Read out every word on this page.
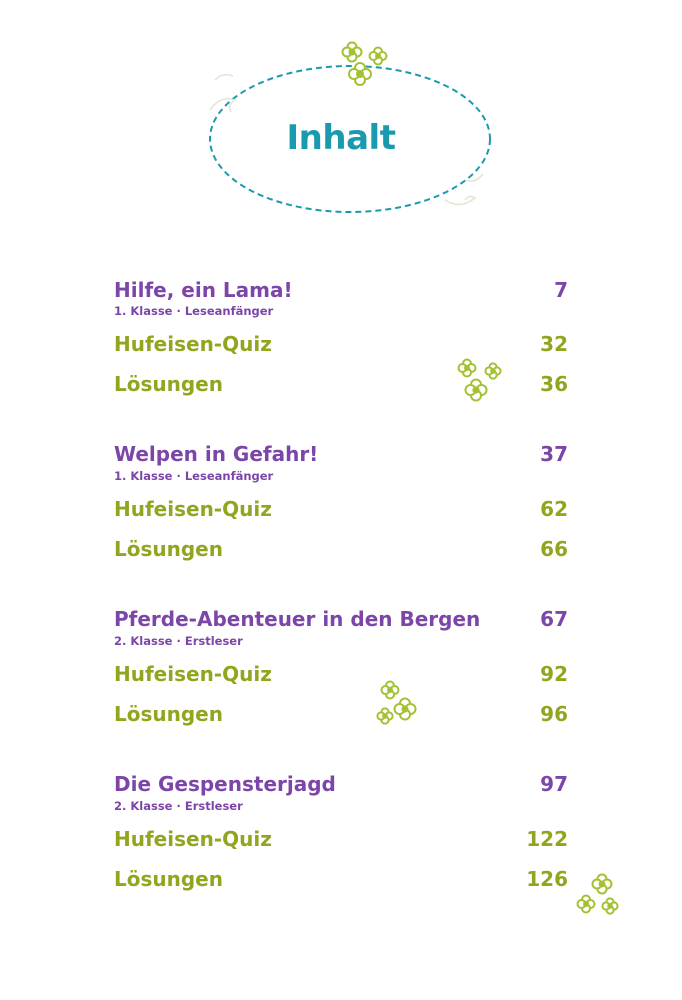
Inhalt
Hilfe, ein Lama!	7
1. Klasse · Leseanfänger
Hufeisen-Quiz	32
Lösungen	36
Welpen in Gefahr!	37
1. Klasse · Leseanfänger
Hufeisen-Quiz	62
Lösungen	66
Pferde-Abenteuer in den Bergen	67
2. Klasse · Erstleser
Hufeisen-Quiz	92
Lösungen	96
Die Gespensterjagd	97
2. Klasse · Erstleser
Hufeisen-Quiz	122
Lösungen	126
